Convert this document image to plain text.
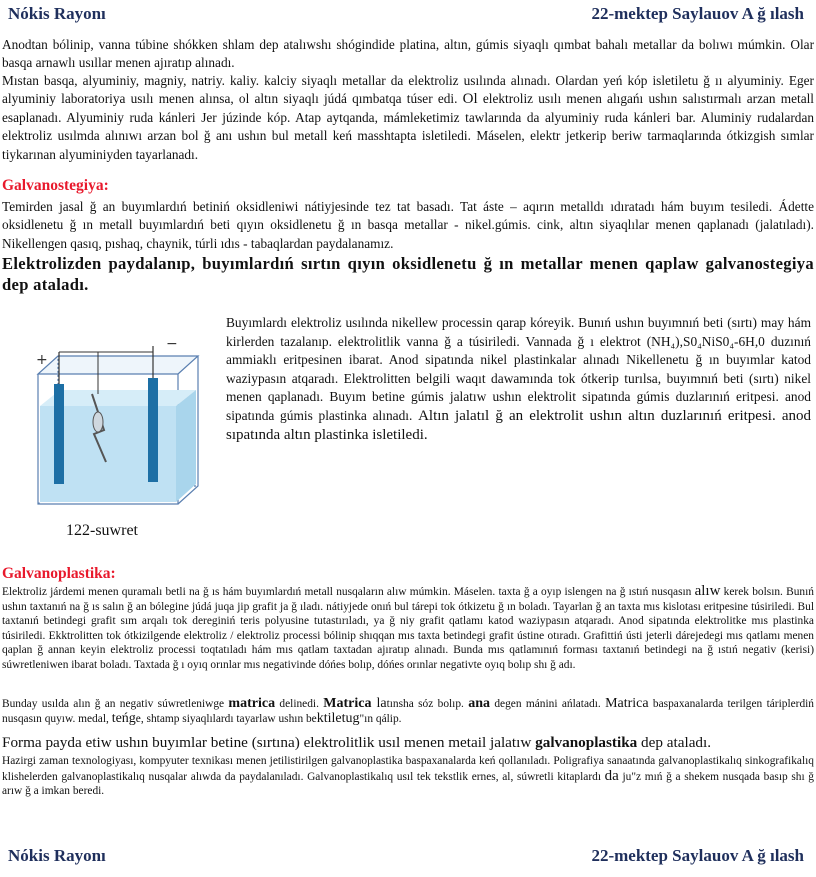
Nókis Rayonı	22-mektep Saylauov A ğ ılash

Anodtan bólinip, vanna túbine shókken shlam dep atalıwshı shógindide platina, altın, gúmis siyaqlı qımbat bahalı metallar da bolıwı múmkin. Olar basqa arnawlı usıllar menen ajıratıp alınadı.

Mıstan basqa, alyuminiy, magniy, natriy. kaliy. kalciy siyaqlı metallar da elektroliz usılında alınadı. Olardan yeń kóp isletiletu ğ ıı alyuminiy. Eger alyuminiy laboratoriya usılı menen alınsa, ol altın siyaqlı júdá qımbatqa túser edi. Ol elektroliz usılı menen alıgańı ushın salıstırmalı arzan metall esaplanadı. Alyuminiy ruda kánleri Jer júzinde kóp. Atap aytqanda, mámleketimiz tawlarında da alyuminiy ruda kánleri bar. Aluminiy rudalardan elektroliz usılmda alınıwı arzan bol ğ anı ushın bul metall keń masshtapta isletiledi. Máselen, elektr jetkerip beriw tarmaqlarında ótkizgish sımlar tiykarınan alyuminiyden tayarlanadı.

Galvanostegiya:

Temirden jasal ğ an buyımlardıń betiniń oksidleniwi nátiyjesinde tez tat basadı. Tat áste – aqırın metalldı ıdıratadı hám buyım tesiledi. Ádette oksidlenetu ğ ın metall buyımlardıń beti qıyın oksidlenetu ğ ın basqa metallar - nikel.gúmis. cink, altın siyaqlılar menen qaplanadı (jalatıladı). Nikellengen qasıq, pıshaq, chaynik, túrli ıdıs - tabaqlardan paydalanamız.

Elektrolizden paydalanıp, buyımlardıń sırtın qıyın oksidlenetu ğ ın metallar menen qaplaw galvanostegiya dep ataladı.

Buyımlardı elektroliz usılında nikellew processin qarap kóreyik. Bunıń ushın buyımnıń beti (sırtı) may hám kirlerden tazalanıp. elektrolitlik vanna ğ a túsiriledi. Vannada ğ ı elektrot (NH₄),S0₄NiS0₄-6H,0 duzınıń ammiaklı eritpesinen ibarat. Anod sipatında nikel plastinkalar alınadı Nikellenetu ğ ın buyımlar katod waziypasın atqaradı. Elektrolitten belgili waqıt dawamında tok ótkerip turılsa, buyımnıń beti (sırtı) nikel menen qaplanadı. Buyım betine gúmis jalatıw ushın elektrolit sipatında gúmis duzlarınıń eritpesi. anod sipatında gúmis plastinka alınadı. Altın jalatıl ğ an elektrolit ushın altın duzlarınıń eritpesi. anod sıpatında altın plastinka isletiledi.

+
−
122-suwret

Galvanoplastika:

Elektroliz járdemi menen quramalı betli na ğ ıs hám buyımlardıń metall nusqaların alıw múmkin. Máselen. taxta ğ a oyıp islengen na ğ ıstıń nusqasın alıw kerek bolsın. Bunıń ushın taxtanıń na ğ ıs salın ğ an bólegine júdá juqa jip grafit ja ğ ıladı. nátiyjede onıń bul tárepi tok ótkizetu ğ ın boladı. Tayarlan ğ an taxta mıs kislotası eritpesine túsiriledi. Bul taxtanıń betindegi grafit sım arqalı tok dereginiń teris polyusine tutastırıladı, ya ğ niy grafit qatlamı katod waziypasın atqaradı. Anod sipatında elektrolitke mıs plastinka túsiriledi. Ekktrolitten tok ótkizilgende elektroliz / elektroliz processi bólinip shıqqan mıs taxta betindegi grafit ústine otıradı. Grafittiń ústi jeterli dárejedegi mıs qatlamı menen qaplan ğ annan keyin elektroliz processi toqtatıladı hám mıs qatlam taxtadan ajıratıp alınadı. Bunda mıs qatlamınıń forması taxtanıń betindegi na ğ ıstıń negativ (kerisi) súwretleniwen ibarat boladı. Taxtada ğ ı oyıq orınlar mıs negativinde dóńes bolıp, dóńes orınlar negativte oyıq bolıp shı ğ adı.

Bunday usılda alın ğ an negativ súwretleniwge matrica delinedi. Matrica latınsha sóz bolıp. ana degen mánini ańlatadı. Matrica baspaxanalarda terilgen táriplerdiń nusqasın quyıw. medal, teńge, shtamp siyaqlılardı tayarlaw ushın bektiletug"ın qálip.

Forma payda etiw ushın buyımlar betine (sırtına) elektrolitlik usıl menen metail jalatıw galvanoplastika dep ataladı.

Hazirgi zaman texnologiyası, kompyuter texnikası menen jetilistirilgen galvanoplastika baspaxanalarda keń qollanıladı. Poligrafiya sanaatında galvanoplastikalıq sinkografikalıq klishelerden galvanoplastikalıq nusqalar alıwda da paydalanıladı. Galvanoplastikalıq usıl tek tekstlik ernes, al, súwretli kitaplardı da ju"z mıń ğ a shekem nusqada basıp shı ğ arıw ğ a imkan beredi.

Nókis Rayonı	22-mektep Saylauov A ğ ılash
